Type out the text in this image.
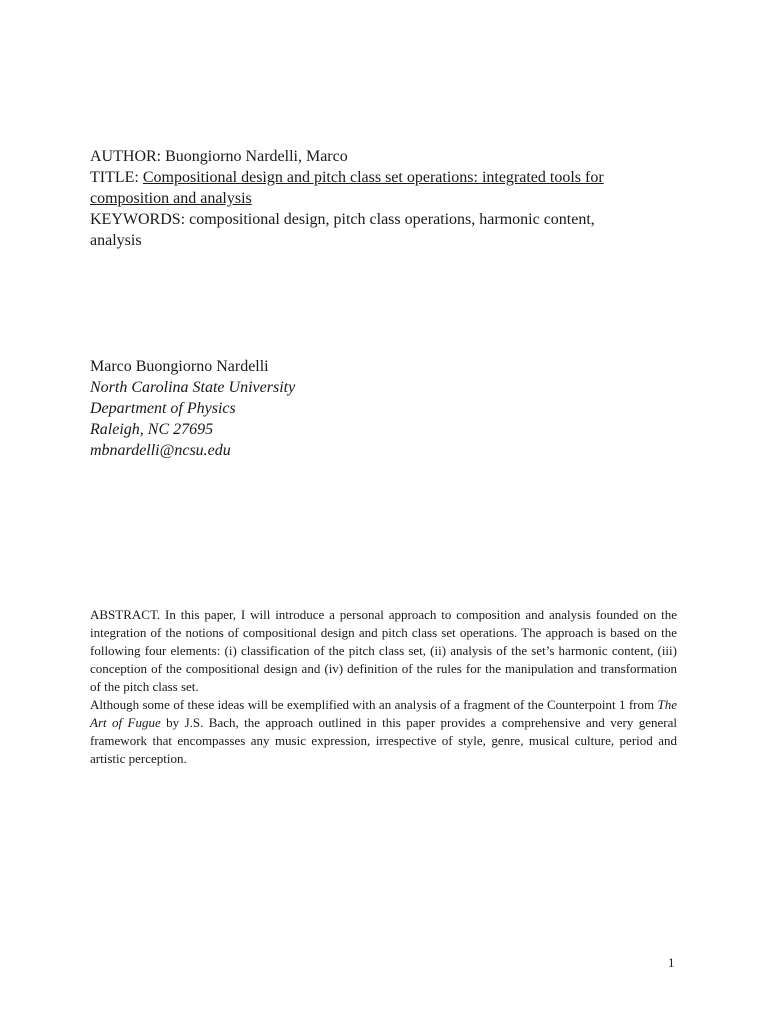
AUTHOR: Buongiorno Nardelli, Marco
TITLE: Compositional design and pitch class set operations: integrated tools for
composition and analysis
KEYWORDS: compositional design, pitch class operations, harmonic content,
analysis
Marco Buongiorno Nardelli
North Carolina State University
Department of Physics
Raleigh, NC 27695
mbnardelli@ncsu.edu

ABSTRACT. In this paper, I will introduce a personal approach to composition and analysis founded on the integration of the notions of compositional design and pitch class set operations. The approach is based on the following four elements: (i) classification of the pitch class set, (ii) analysis of the set’s harmonic content, (iii) conception of the compositional design and (iv) definition of the rules for the manipulation and transformation of the pitch class set.

Although some of these ideas will be exemplified with an analysis of a fragment of the Counterpoint 1 from The Art of Fugue by J.S. Bach, the approach outlined in this paper provides a comprehensive and very general framework that encompasses any music expression, irrespective of style, genre, musical culture, period and artistic perception.

1
